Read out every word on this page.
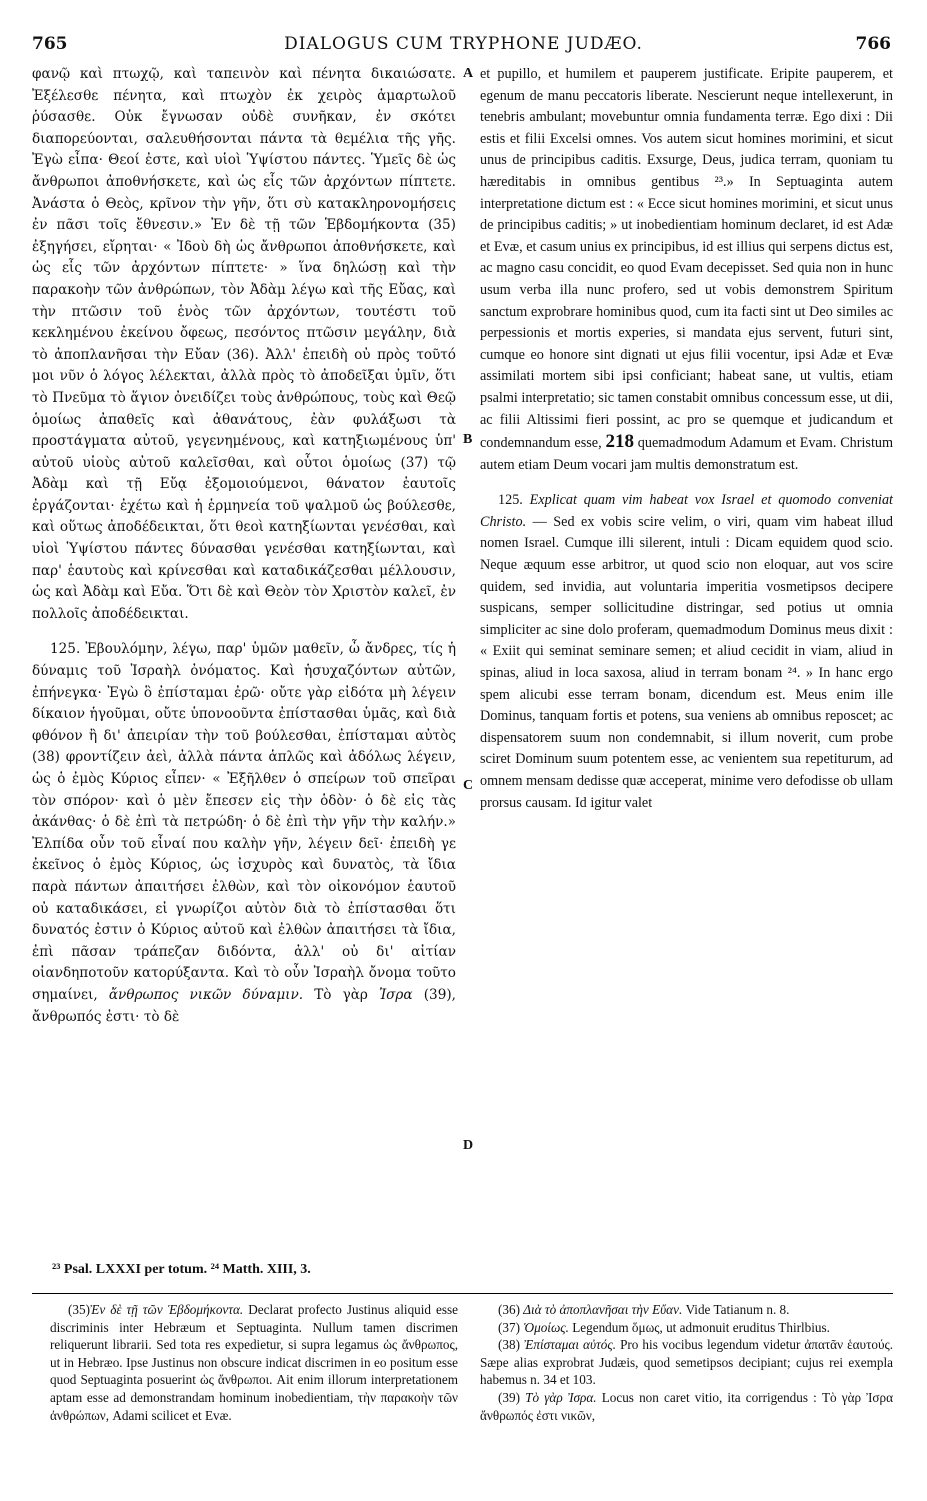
765	DIALOGUS CUM TRYPHONE JUDÆO.	766

φανῷ καὶ πτωχῷ, καὶ ταπεινὸν καὶ πένητα δικαιώσατε. Ἐξέλεσθε πένητα, καὶ πτωχὸν ἐκ χειρὸς ἁμαρτωλοῦ ῥύσασθε. Οὐκ ἔγνωσαν οὐδὲ συνῆκαν, ἐν σκότει διαπορεύονται, σαλευθήσονται πάντα τὰ θεμέλια τῆς γῆς. Ἐγὼ εἶπα· Θεοί ἐστε, καὶ υἱοὶ Ὑψίστου πάντες. Ὑμεῖς δὲ ὡς ἄνθρωποι ἀποθνήσκετε, καὶ ὡς εἷς τῶν ἀρχόντων πίπτετε. Ἀνάστα ὁ Θεὸς, κρῖνον τὴν γῆν, ὅτι σὺ κατακληρονομήσεις ἐν πᾶσι τοῖς ἔθνεσιν.» Ἐν δὲ τῇ τῶν Ἑβδομήκοντα (35) ἐξηγήσει, εἴρηται· « Ἰδοὺ δὴ ὡς ἄνθρωποι ἀποθνήσκετε, καὶ ὡς εἷς τῶν ἀρχόντων πίπτετε· » ἵνα δηλώσῃ καὶ τὴν παρακοὴν τῶν ἀνθρώπων, τὸν Ἀδὰμ λέγω καὶ τῆς Εὔας, καὶ τὴν πτῶσιν τοῦ ἑνὸς τῶν ἀρχόντων, τουτέστι τοῦ κεκλημένου ἐκείνου ὄφεως, πεσόντος πτῶσιν μεγάλην, διὰ τὸ ἀποπλανῆσαι τὴν Εὔαν (36). Ἀλλ' ἐπειδὴ οὐ πρὸς τοῦτό μοι νῦν ὁ λόγος λέλεκται, ἀλλὰ πρὸς τὸ ἀποδεῖξαι ὑμῖν, ὅτι τὸ Πνεῦμα τὸ ἅγιον ὀνειδίζει τοὺς ἀνθρώπους, τοὺς καὶ Θεῷ ὁμοίως ἀπαθεῖς καὶ ἀθανάτους, ἐὰν φυλάξωσι τὰ προστάγματα αὐτοῦ, γεγενημένους, καὶ κατηξιωμένους ὑπ' αὐτοῦ υἱοὺς αὐτοῦ καλεῖσθαι, καὶ οὗτοι ὁμοίως (37) τῷ Ἀδὰμ καὶ τῇ Εὔᾳ ἐξομοιούμενοι, θάνατον ἑαυτοῖς ἐργάζονται· ἐχέτω καὶ ἡ ἑρμηνεία τοῦ ψαλμοῦ ὡς βούλεσθε, καὶ οὕτως ἀποδέδεικται, ὅτι θεοὶ κατηξίωνται γενέσθαι, καὶ υἱοὶ Ὑψίστου πάντες δύνασθαι γενέσθαι κατηξίωνται, καὶ παρ' ἑαυτοὺς καὶ κρίνεσθαι καὶ καταδικάζεσθαι μέλλουσιν, ὡς καὶ Ἀδὰμ καὶ Εὔα. Ὅτι δὲ καὶ Θεὸν τὸν Χριστὸν καλεῖ, ἐν πολλοῖς ἀποδέδεικται.

125. Ἐβουλόμην, λέγω, παρ' ὑμῶν μαθεῖν, ὦ ἄνδρες, τίς ἡ δύναμις τοῦ Ἰσραὴλ ὀνόματος. Καὶ ἡσυχαζόντων αὐτῶν, ἐπήνεγκα· Ἐγὼ ὃ ἐπίσταμαι ἐρῶ· οὔτε γὰρ εἰδότα μὴ λέγειν δίκαιον ἡγοῦμαι, οὔτε ὑπονοοῦντα ἐπίστασθαι ὑμᾶς, καὶ διὰ φθόνον ἢ δι' ἀπειρίαν τὴν τοῦ βούλεσθαι, ἐπίσταμαι αὐτὸς (38) φροντίζειν ἀεὶ, ἀλλὰ πάντα ἁπλῶς καὶ ἀδόλως λέγειν, ὡς ὁ ἐμὸς Κύριος εἶπεν· « Ἐξῆλθεν ὁ σπείρων τοῦ σπεῖραι τὸν σπόρον· καὶ ὁ μὲν ἔπεσεν εἰς τὴν ὁδὸν· ὁ δὲ εἰς τὰς ἀκάνθας· ὁ δὲ ἐπὶ τὰ πετρώδη· ὁ δὲ ἐπὶ τὴν γῆν τὴν καλήν.» Ἐλπίδα οὖν τοῦ εἶναί που καλὴν γῆν, λέγειν δεῖ· ἐπειδὴ γε ἐκεῖνος ὁ ἐμὸς Κύριος, ὡς ἰσχυρὸς καὶ δυνατὸς, τὰ ἴδια παρὰ πάντων ἀπαιτήσει ἐλθὼν, καὶ τὸν οἰκονόμον ἑαυτοῦ οὐ καταδικάσει, εἰ γνωρίζοι αὐτὸν διὰ τὸ ἐπίστασθαι ὅτι δυνατός ἐστιν ὁ Κύριος αὐτοῦ καὶ ἐλθὼν ἀπαιτήσει τὰ ἴδια, ἐπὶ πᾶσαν τράπεζαν διδόντα, ἀλλ' οὐ δι' αἰτίαν οἱανδηποτοῦν κατορύξαντα. Καὶ τὸ οὖν Ἰσραὴλ ὄνομα τοῦτο σημαίνει, ἄνθρωπος νικῶν δύναμιν. Τὸ γὰρ Ἰσρα (39), ἄνθρωπός ἐστι· τὸ δὲ

A
B
C
D

et pupillo, et humilem et pauperem justificate. Eripite pauperem, et egenum de manu peccatoris liberate. Nescierunt neque intellexerunt, in tenebris ambulant; movebuntur omnia fundamenta terræ. Ego dixi : Dii estis et filii Excelsi omnes. Vos autem sicut homines morimini, et sicut unus de principibus caditis. Exsurge, Deus, judica terram, quoniam tu hæreditabis in omnibus gentibus ²³.» In Septuaginta autem interpretatione dictum est : « Ecce sicut homines morimini, et sicut unus de principibus caditis; » ut inobedientiam hominum declaret, id est Adæ et Evæ, et casum unius ex principibus, id est illius qui serpens dictus est, ac magno casu concidit, eo quod Evam decepisset. Sed quia non in hunc usum verba illa nunc profero, sed ut vobis demonstrem Spiritum sanctum exprobrare hominibus quod, cum ita facti sint ut Deo similes ac perpessionis et mortis experies, si mandata ejus servent, futuri sint, cumque eo honore sint dignati ut ejus filii vocentur, ipsi Adæ et Evæ assimilati mortem sibi ipsi conficiant; habeat sane, ut vultis, etiam psalmi interpretatio; sic tamen constabit omnibus concessum esse, ut dii, ac filii Altissimi fieri possint, ac pro se quemque et judicandum et condemnandum esse, 218 quemadmodum Adamum et Evam. Christum autem etiam Deum vocari jam multis demonstratum est.

125. Explicat quam vim habeat vox Israel et quomodo conveniat Christo. — Sed ex vobis scire velim, o viri, quam vim habeat illud nomen Israel. Cumque illi silerent, intuli : Dicam equidem quod scio. Neque æquum esse arbitror, ut quod scio non eloquar, aut vos scire quidem, sed invidia, aut voluntaria imperitia vosmetipsos decipere suspicans, semper sollicitudine distringar, sed potius ut omnia simpliciter ac sine dolo proferam, quemadmodum Dominus meus dixit : « Exiit qui seminat seminare semen; et aliud cecidit in viam, aliud in spinas, aliud in loca saxosa, aliud in terram bonam ²⁴. » In hanc ergo spem alicubi esse terram bonam, dicendum est. Meus enim ille Dominus, tanquam fortis et potens, sua veniens ab omnibus reposcet; ac dispensatorem suum non condemnabit, si illum noverit, cum probe sciret Dominum suum potentem esse, ac venientem sua repetiturum, ad omnem mensam dedisse quæ acceperat, minime vero defodisse ob ullam prorsus causam. Id igitur valet

²³ Psal. LXXXI per totum. ²⁴ Matth. XIII, 3.

(35)Ἐν δὲ τῇ τῶν Ἑβδομήκοντα. Declarat profecto Justinus aliquid esse discriminis inter Hebræum et Septuaginta. Nullum tamen discrimen reliquerunt librarii. Sed tota res expedietur, si supra legamus ὡς ἄνθρωπος, ut in Hebræo. Ipse Justinus non obscure indicat discrimen in eo positum esse quod Septuaginta posuerint ὡς ἄνθρωποι. Ait enim illorum interpretationem aptam esse ad demonstrandam hominum inobedientiam, τὴν παρακοὴν τῶν ἀνθρώπων, Adami scilicet et Evæ.

(36) Διὰ τὸ ἀποπλανῆσαι τὴν Εὔαν. Vide Tatianum n. 8.

(37) Ὁμοίως. Legendum ὅμως, ut admonuit eruditus Thirlbius.

(38) Ἐπίσταμαι αὐτός. Pro his vocibus legendum videtur ἀπατᾶν ἑαυτούς. Sæpe alias exprobrat Judæis, quod semetipsos decipiant; cujus rei exempla habemus n. 34 et 103.

(39) Τὸ γὰρ Ἰσρα. Locus non caret vitio, ita corrigendus : Τὸ γὰρ Ἰσρα ἄνθρωπός ἐστι νικῶν,
